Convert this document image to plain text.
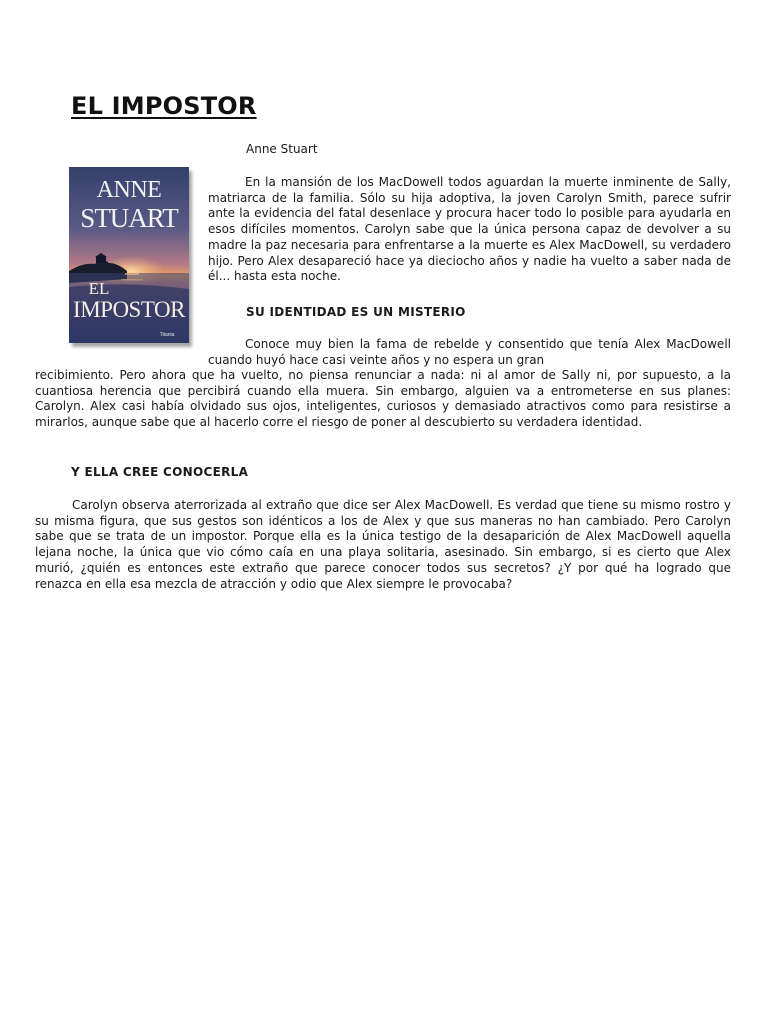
EL IMPOSTOR
ANNE
STUART
EL
IMPOSTOR
Titania
Anne Stuart

En la mansión de los MacDowell todos aguardan la muerte inminente de Sally, matriarca de la familia. Sólo su hija adoptiva, la joven Carolyn Smith, parece sufrir ante la evidencia del fatal desenlace y procura hacer todo lo posible para ayudarla en esos difíciles momentos. Carolyn sabe que la única persona capaz de devolver a su madre la paz necesaria para enfrentarse a la muerte es Alex MacDowell, su verdadero hijo. Pero Alex desapareció hace ya dieciocho años y nadie ha vuelto a saber nada de él... hasta esta noche.

SU IDENTIDAD ES UN MISTERIO

Conoce muy bien la fama de rebelde y consentido que tenía Alex MacDowell cuando huyó hace casi veinte años y no espera un gran

recibimiento. Pero ahora que ha vuelto, no piensa renunciar a nada: ni al amor de Sally ni, por supuesto, a la cuantiosa herencia que percibirá cuando ella muera. Sin embargo, alguien va a entrometerse en sus planes: Carolyn. Alex casi había olvidado sus ojos, inteligentes, curiosos y demasiado atractivos como para resistirse a mirarlos, aunque sabe que al hacerlo corre el riesgo de poner al descubierto su verdadera identidad.

Y ELLA CREE CONOCERLA

Carolyn observa aterrorizada al extraño que dice ser Alex MacDowell. Es verdad que tiene su mismo rostro y su misma figura, que sus gestos son idénticos a los de Alex y que sus maneras no han cambiado. Pero Carolyn sabe que se trata de un impostor. Porque ella es la única testigo de la desaparición de Alex MacDowell aquella lejana noche, la única que vio cómo caía en una playa solitaria, asesinado. Sin embargo, si es cierto que Alex murió, ¿quién es entonces este extraño que parece conocer todos sus secretos? ¿Y por qué ha logrado que renazca en ella esa mezcla de atracción y odio que Alex siempre le provocaba?
